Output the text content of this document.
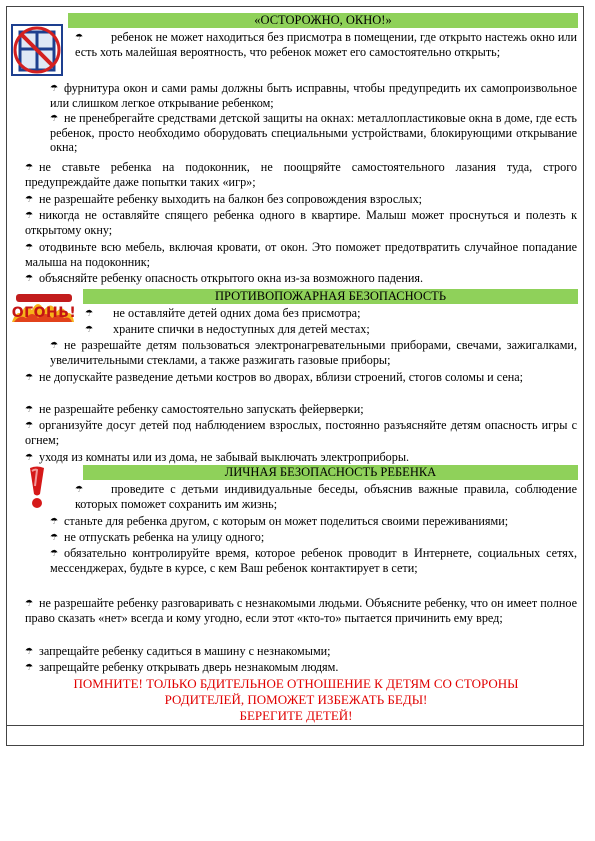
«ОСТОРОЖНО, ОКНО!»
☂ ребенок не может находиться без присмотра в помещении, где открыто настежь окно или есть хоть малейшая вероятность, что ребенок может его самостоятельно открыть;
☂ фурнитура окон и сами рамы должны быть исправны, чтобы предупредить их самопроизвольное или слишком легкое открывание ребенком;
☂ не пренебрегайте средствами детской защиты на окнах: металлопластиковые окна в доме, где есть ребенок, просто необходимо оборудовать специальными устройствами, блокирующими открывание окна;
☂ не ставьте ребенка на подоконник, не поощряйте самостоятельного лазания туда, строго предупреждайте даже попытки таких «игр»;
☂ не разрешайте ребенку выходить на балкон без сопровождения взрослых;
☂ никогда не оставляйте спящего ребенка одного в квартире. Малыш может проснуться и полезть к открытому окну;
☂ отодвиньте всю мебель, включая кровати, от окон. Это поможет предотвратить случайное попадание малыша на подоконник;
☂ объясняйте ребенку опасность открытого окна из-за возможного падения.
ОГОНЬ!
ПРОТИВОПОЖАРНАЯ БЕЗОПАСНОСТЬ
☂ не оставляйте детей одних дома без присмотра;
☂ храните спички в недоступных для детей местах;
☂ не разрешайте детям пользоваться электронагревательными приборами, свечами, зажигалками, увеличительными стеклами, а также разжигать газовые приборы;
☂ не допускайте разведение детьми костров во дворах, вблизи строений, стогов соломы и сена;
☂ не разрешайте ребенку самостоятельно запускать фейерверки;
☂ организуйте досуг детей под наблюдением взрослых, постоянно разъясняйте детям опасность игры с огнем;
☂ уходя из комнаты или из дома, не забывай выключать электроприборы.
ЛИЧНАЯ БЕЗОПАСНОСТЬ РЕБЕНКА
☂ проведите с детьми индивидуальные беседы, объяснив важные правила, соблюдение которых поможет сохранить им жизнь;
☂ станьте для ребенка другом, с которым он может поделиться своими переживаниями;
☂ не отпускать ребенка на улицу одного;
☂ обязательно контролируйте время, которое ребенок проводит в Интернете, социальных сетях, мессенджерах, будьте в курсе, с кем Ваш ребенок контактирует в сети;
☂ не разрешайте ребенку разговаривать с незнакомыми людьми. Объясните ребенку, что он имеет полное право сказать «нет» всегда и кому угодно, если этот «кто-то» пытается причинить ему вред;
☂ запрещайте ребенку садиться в машину с незнакомыми;
☂ запрещайте ребенку открывать дверь незнакомым людям.
ПОМНИТЕ! ТОЛЬКО БДИТЕЛЬНОЕ ОТНОШЕНИЕ К ДЕТЯМ СО СТОРОНЫ
РОДИТЕЛЕЙ, ПОМОЖЕТ ИЗБЕЖАТЬ БЕДЫ!
БЕРЕГИТЕ ДЕТЕЙ!
